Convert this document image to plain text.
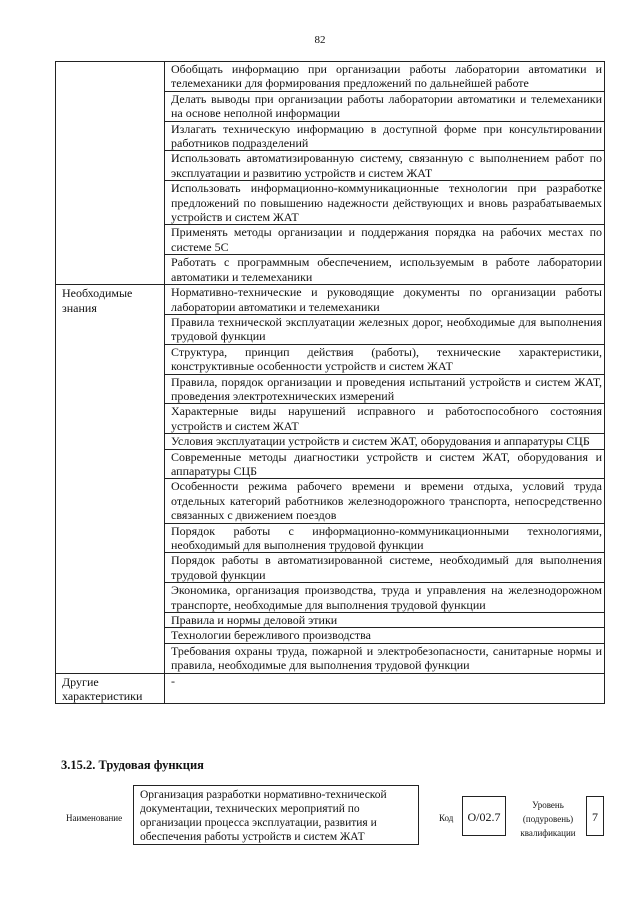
82
	Обобщать информацию при организации работы лаборатории автоматики и телемеханики для формирования предложений по дальнейшей работе
	Делать выводы при организации работы лаборатории автоматики и телемеханики на основе неполной информации
	Излагать техническую информацию в доступной форме при консультировании работников подразделений
	Использовать автоматизированную систему, связанную с выполнением работ по эксплуатации и развитию устройств и систем ЖАТ
	Использовать информационно-коммуникационные технологии при разработке предложений по повышению надежности действующих и вновь разрабатываемых устройств и систем ЖАТ
	Применять методы организации и поддержания порядка на рабочих местах по системе 5С
	Работать с программным обеспечением, используемым в работе лаборатории автоматики и телемеханики
Необходимые знания	Нормативно-технические и руководящие документы по организации работы лаборатории автоматики и телемеханики
	Правила технической эксплуатации железных дорог, необходимые для выполнения трудовой функции
	Структура, принцип действия (работы), технические характеристики, конструктивные особенности устройств и систем ЖАТ
	Правила, порядок организации и проведения испытаний устройств и систем ЖАТ, проведения электротехнических измерений
	Характерные виды нарушений исправного и работоспособного состояния устройств и систем ЖАТ
	Условия эксплуатации устройств и систем ЖАТ, оборудования и аппаратуры СЦБ
	Современные методы диагностики устройств и систем ЖАТ, оборудования и аппаратуры СЦБ
	Особенности режима рабочего времени и времени отдыха, условий труда отдельных категорий работников железнодорожного транспорта, непосредственно связанных с движением поездов
	Порядок работы с информационно-коммуникационными технологиями, необходимый для выполнения трудовой функции
	Порядок работы в автоматизированной системе, необходимый для выполнения трудовой функции
	Экономика, организация производства, труда и управления на железнодорожном транспорте, необходимые для выполнения трудовой функции
	Правила и нормы деловой этики
	Технологии бережливого производства
	Требования охраны труда, пожарной и электробезопасности, санитарные нормы и правила, необходимые для выполнения трудовой функции
Другие характеристики	-
3.15.2. Трудовая функция
Наименование
Организация разработки нормативно-технической документации, технических мероприятий по организации процесса эксплуатации, развития и обеспечения работы устройств и систем ЖАТ
Код	О/02.7
Уровень (подуровень) квалификации
7
